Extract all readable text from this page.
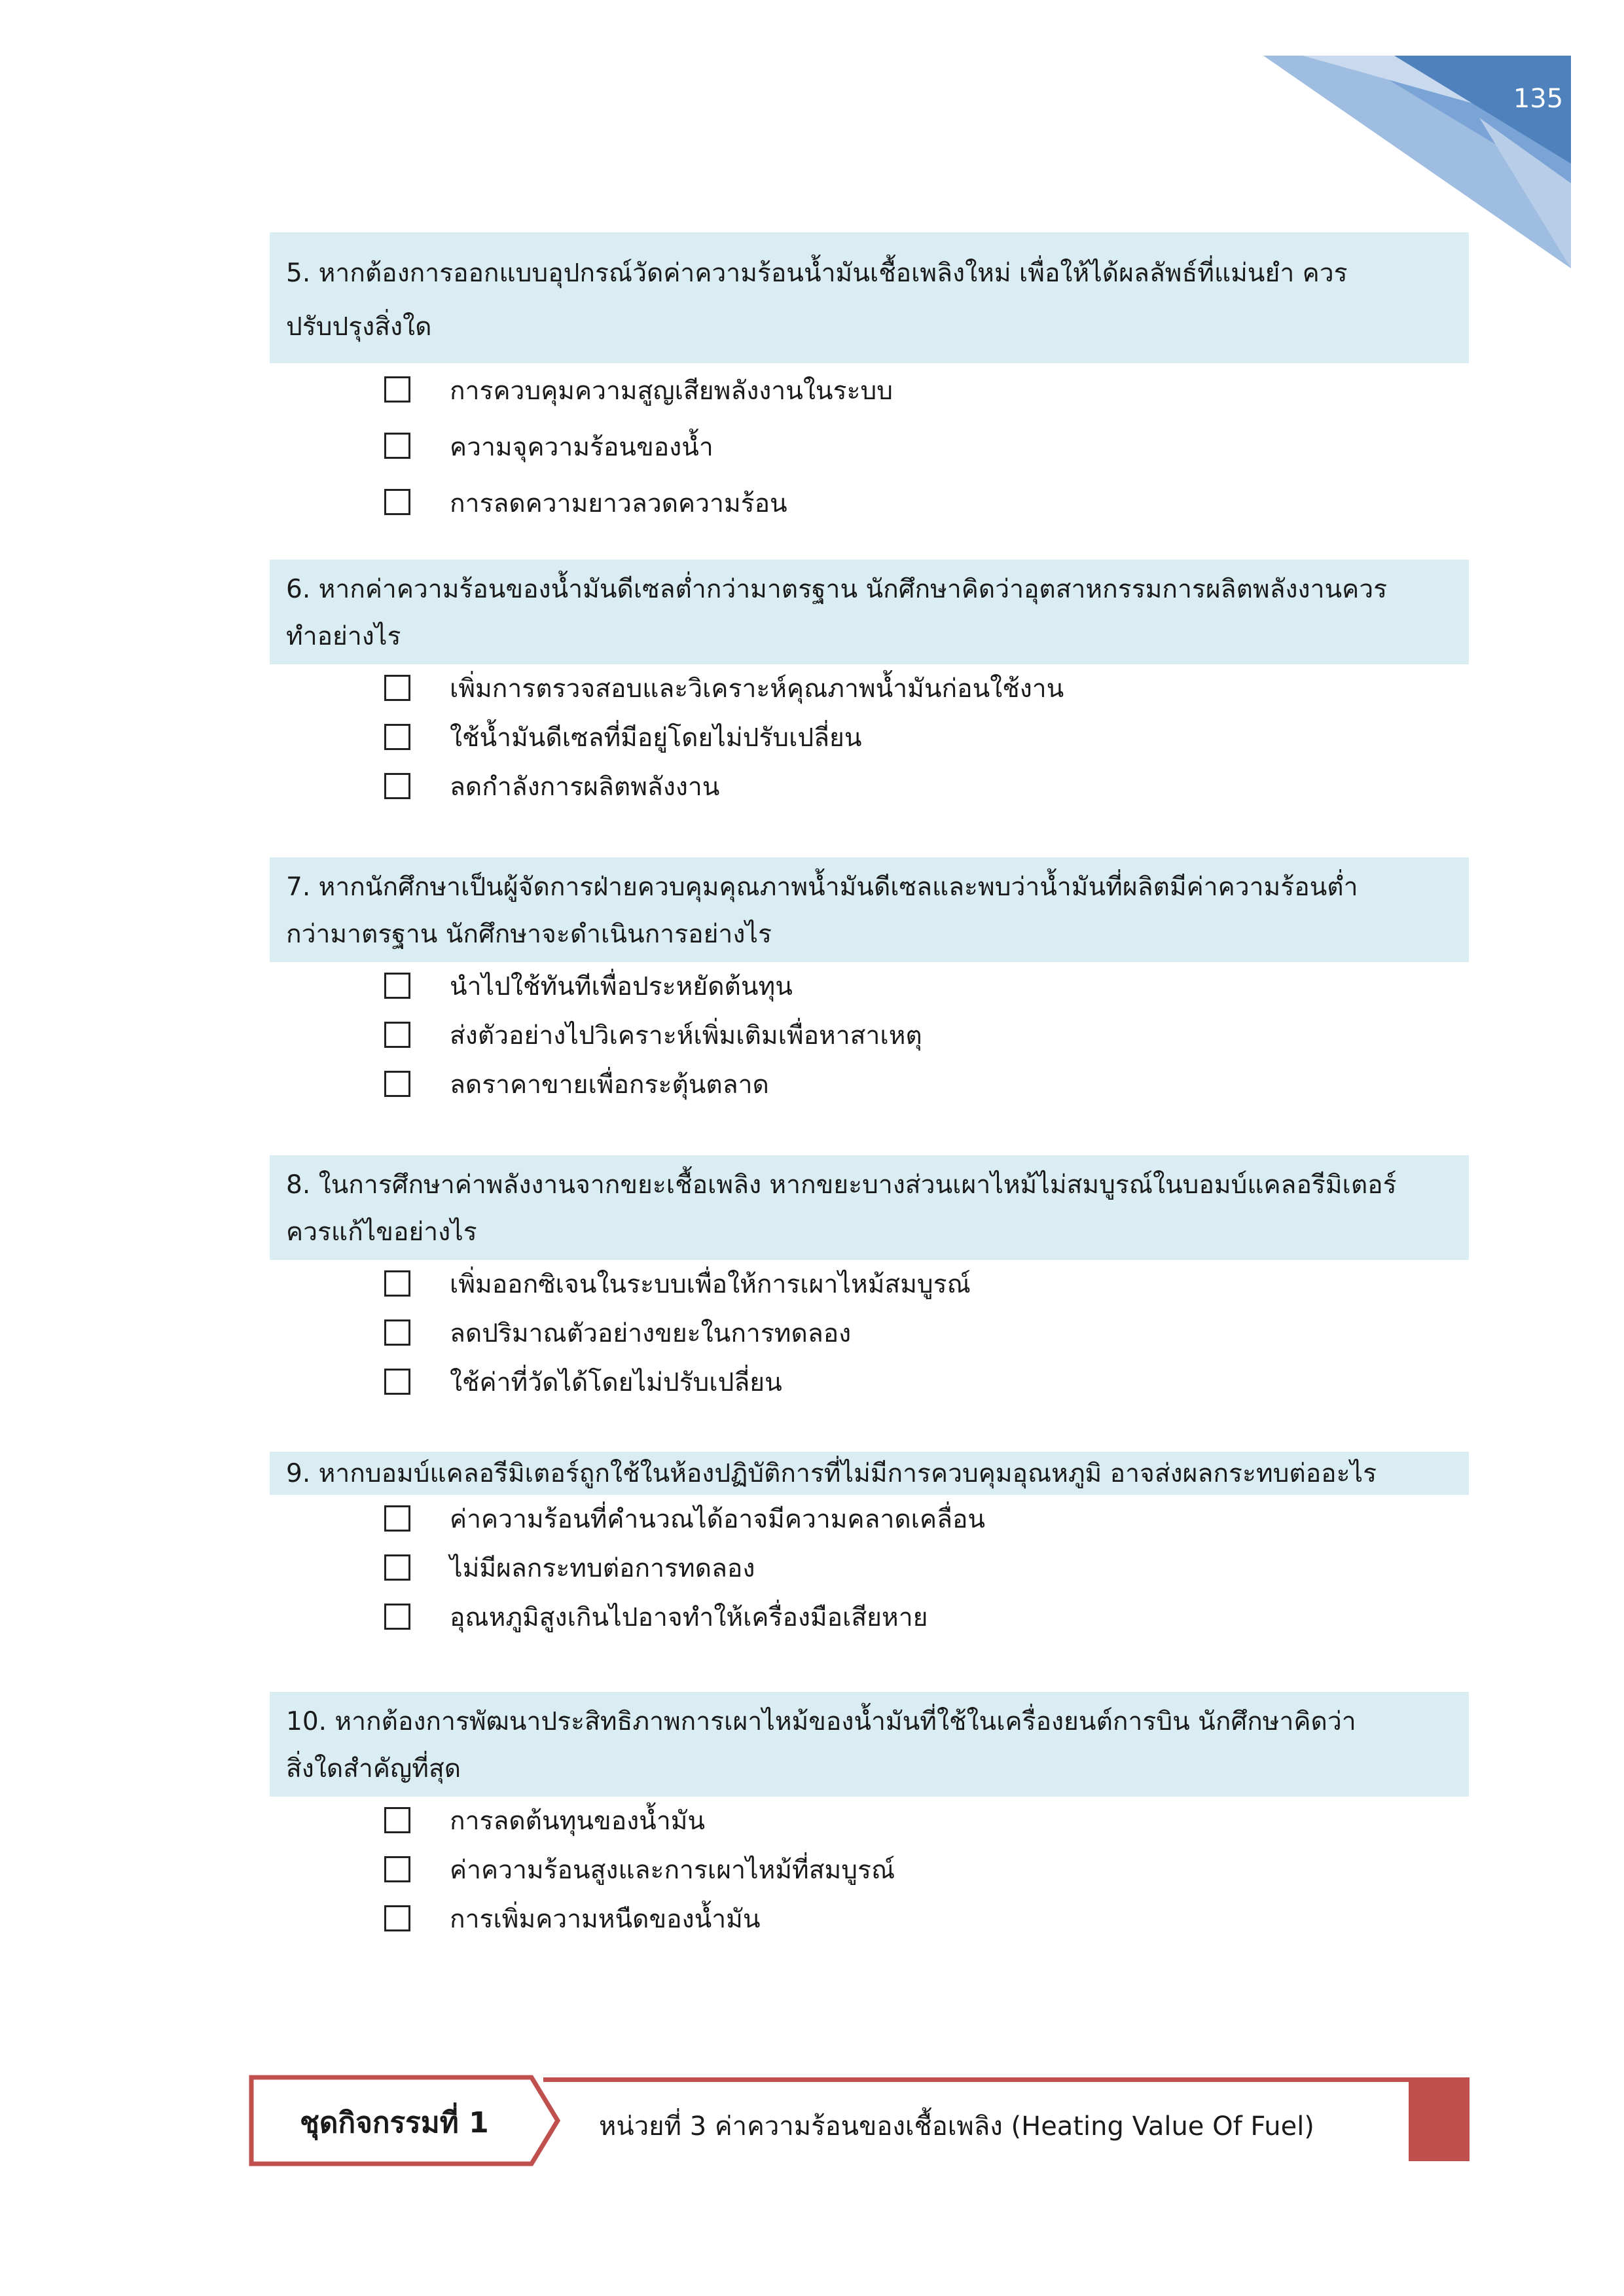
135
5. หากต้องการออกแบบอุปกรณ์วัดค่าความร้อนน้ำมันเชื้อเพลิงใหม่ เพื่อให้ได้ผลลัพธ์ที่แม่นยำ ควร
ปรับปรุงสิ่งใด
การควบคุมความสูญเสียพลังงานในระบบ
ความจุความร้อนของน้ำ
การลดความยาวลวดความร้อน
6. หากค่าความร้อนของน้ำมันดีเซลต่ำกว่ามาตรฐาน นักศึกษาคิดว่าอุตสาหกรรมการผลิตพลังงานควร
ทำอย่างไร
เพิ่มการตรวจสอบและวิเคราะห์คุณภาพน้ำมันก่อนใช้งาน
ใช้น้ำมันดีเซลที่มีอยู่โดยไม่ปรับเปลี่ยน
ลดกำลังการผลิตพลังงาน
7. หากนักศึกษาเป็นผู้จัดการฝ่ายควบคุมคุณภาพน้ำมันดีเซลและพบว่าน้ำมันที่ผลิตมีค่าความร้อนต่ำ
กว่ามาตรฐาน นักศึกษาจะดำเนินการอย่างไร
นำไปใช้ทันทีเพื่อประหยัดต้นทุน
ส่งตัวอย่างไปวิเคราะห์เพิ่มเติมเพื่อหาสาเหตุ
ลดราคาขายเพื่อกระตุ้นตลาด
8. ในการศึกษาค่าพลังงานจากขยะเชื้อเพลิง หากขยะบางส่วนเผาไหม้ไม่สมบูรณ์ในบอมบ์แคลอรีมิเตอร์
ควรแก้ไขอย่างไร
เพิ่มออกซิเจนในระบบเพื่อให้การเผาไหม้สมบูรณ์
ลดปริมาณตัวอย่างขยะในการทดลอง
ใช้ค่าที่วัดได้โดยไม่ปรับเปลี่ยน
9. หากบอมบ์แคลอรีมิเตอร์ถูกใช้ในห้องปฏิบัติการที่ไม่มีการควบคุมอุณหภูมิ อาจส่งผลกระทบต่ออะไร
ค่าความร้อนที่คำนวณได้อาจมีความคลาดเคลื่อน
ไม่มีผลกระทบต่อการทดลอง
อุณหภูมิสูงเกินไปอาจทำให้เครื่องมือเสียหาย
10. หากต้องการพัฒนาประสิทธิภาพการเผาไหม้ของน้ำมันที่ใช้ในเครื่องยนต์การบิน นักศึกษาคิดว่า
สิ่งใดสำคัญที่สุด
การลดต้นทุนของน้ำมัน
ค่าความร้อนสูงและการเผาไหม้ที่สมบูรณ์
การเพิ่มความหนืดของน้ำมัน
ชุดกิจกรรมที่ 1	หน่วยที่ 3 ค่าความร้อนของเชื้อเพลิง (Heating Value Of Fuel)
